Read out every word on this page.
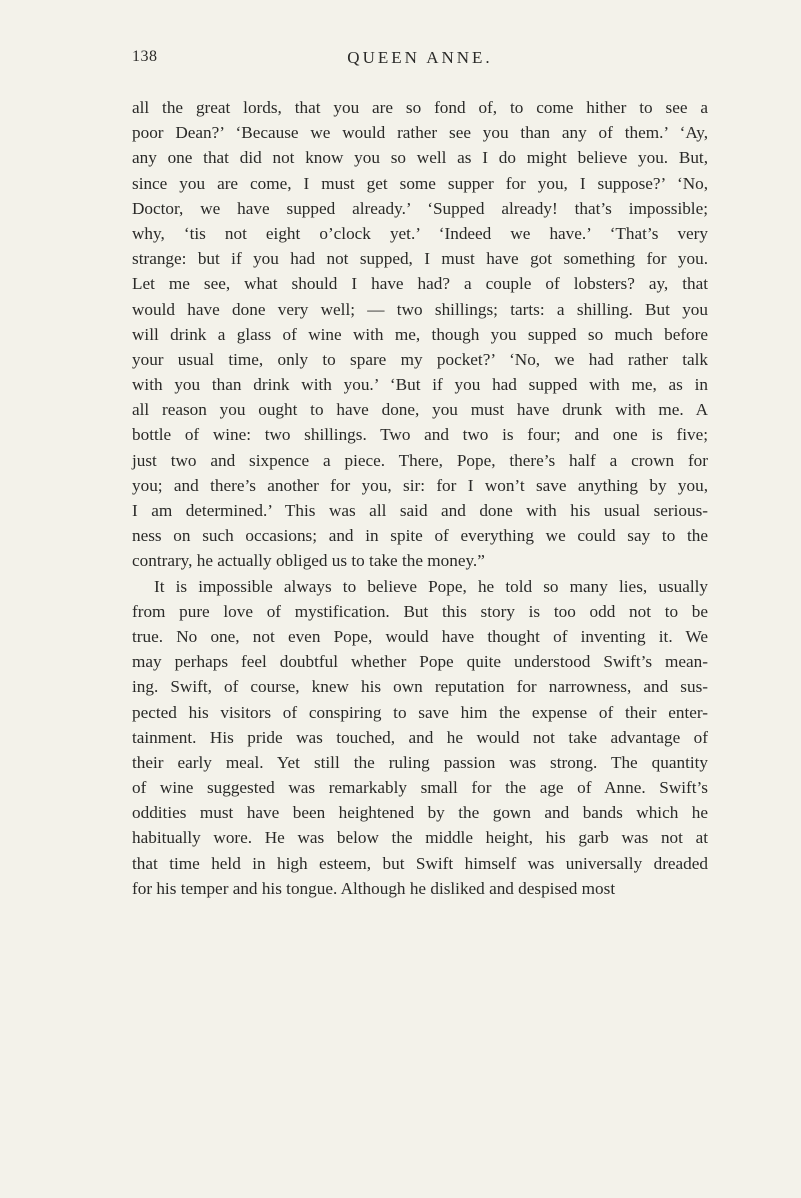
138	QUEEN ANNE.
all the great lords, that you are so fond of, to come hither to see a
poor Dean?’ ‘Because we would rather see you than any of them.’ ‘Ay,
any one that did not know you so well as I do might believe you. But,
since you are come, I must get some supper for you, I suppose?’ ‘No,
Doctor, we have supped already.’ ‘Supped already! that’s impossible;
why, ‘tis not eight o’clock yet.’ ‘Indeed we have.’ ‘That’s very
strange: but if you had not supped, I must have got something for you.
Let me see, what should I have had? a couple of lobsters? ay, that
would have done very well; — two shillings; tarts: a shilling. But you
will drink a glass of wine with me, though you supped so much before
your usual time, only to spare my pocket?’ ‘No, we had rather talk
with you than drink with you.’ ‘But if you had supped with me, as in
all reason you ought to have done, you must have drunk with me. A
bottle of wine: two shillings. Two and two is four; and one is five;
just two and sixpence a piece. There, Pope, there’s half a crown for
you; and there’s another for you, sir: for I won’t save anything by you,
I am determined.’ This was all said and done with his usual serious-
ness on such occasions; and in spite of everything we could say to the
contrary, he actually obliged us to take the money.”
It is impossible always to believe Pope, he told so many lies, usually
from pure love of mystification. But this story is too odd not to be
true. No one, not even Pope, would have thought of inventing it. We
may perhaps feel doubtful whether Pope quite understood Swift’s mean-
ing. Swift, of course, knew his own reputation for narrowness, and sus-
pected his visitors of conspiring to save him the expense of their enter-
tainment. His pride was touched, and he would not take advantage of
their early meal. Yet still the ruling passion was strong. The quantity
of wine suggested was remarkably small for the age of Anne. Swift’s
oddities must have been heightened by the gown and bands which he
habitually wore. He was below the middle height, his garb was not at
that time held in high esteem, but Swift himself was universally dreaded
for his temper and his tongue. Although he disliked and despised most
